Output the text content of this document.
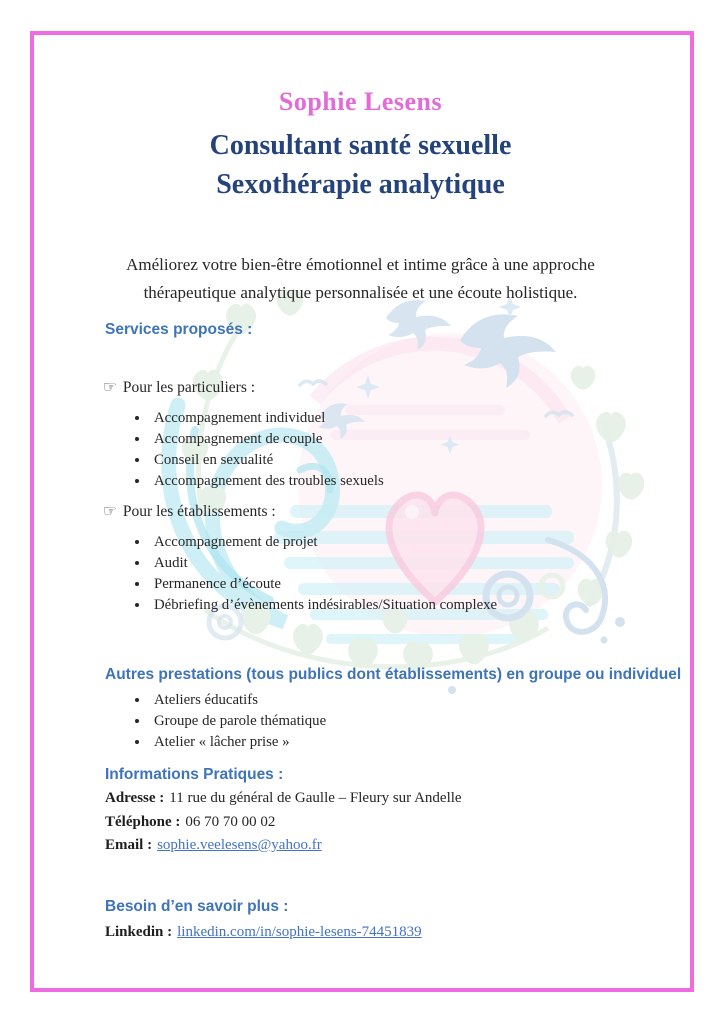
Sophie Lesens
Consultant santé sexuelle
Sexothérapie analytique

Améliorez votre bien-être émotionnel et intime grâce à une approche thérapeutique analytique personnalisée et une écoute holistique.

Services proposés :

☞ Pour les particuliers :

• Accompagnement individuel
• Accompagnement de couple
• Conseil en sexualité
• Accompagnement des troubles sexuels

☞ Pour les établissements :

• Accompagnement de projet
• Audit
• Permanence d’écoute
• Débriefing d’évènements indésirables/Situation complexe
Autres prestations (tous publics dont établissements) en groupe ou individuel
• Ateliers éducatifs
• Groupe de parole thématique
• Atelier « lâcher prise »
Informations Pratiques :

Adresse : 11 rue du général de Gaulle – Fleury sur Andelle

Téléphone : 06 70 70 00 02

Email : sophie.veelesens@yahoo.fr

Besoin d’en savoir plus :

Linkedin : linkedin.com/in/sophie-lesens-74451839
